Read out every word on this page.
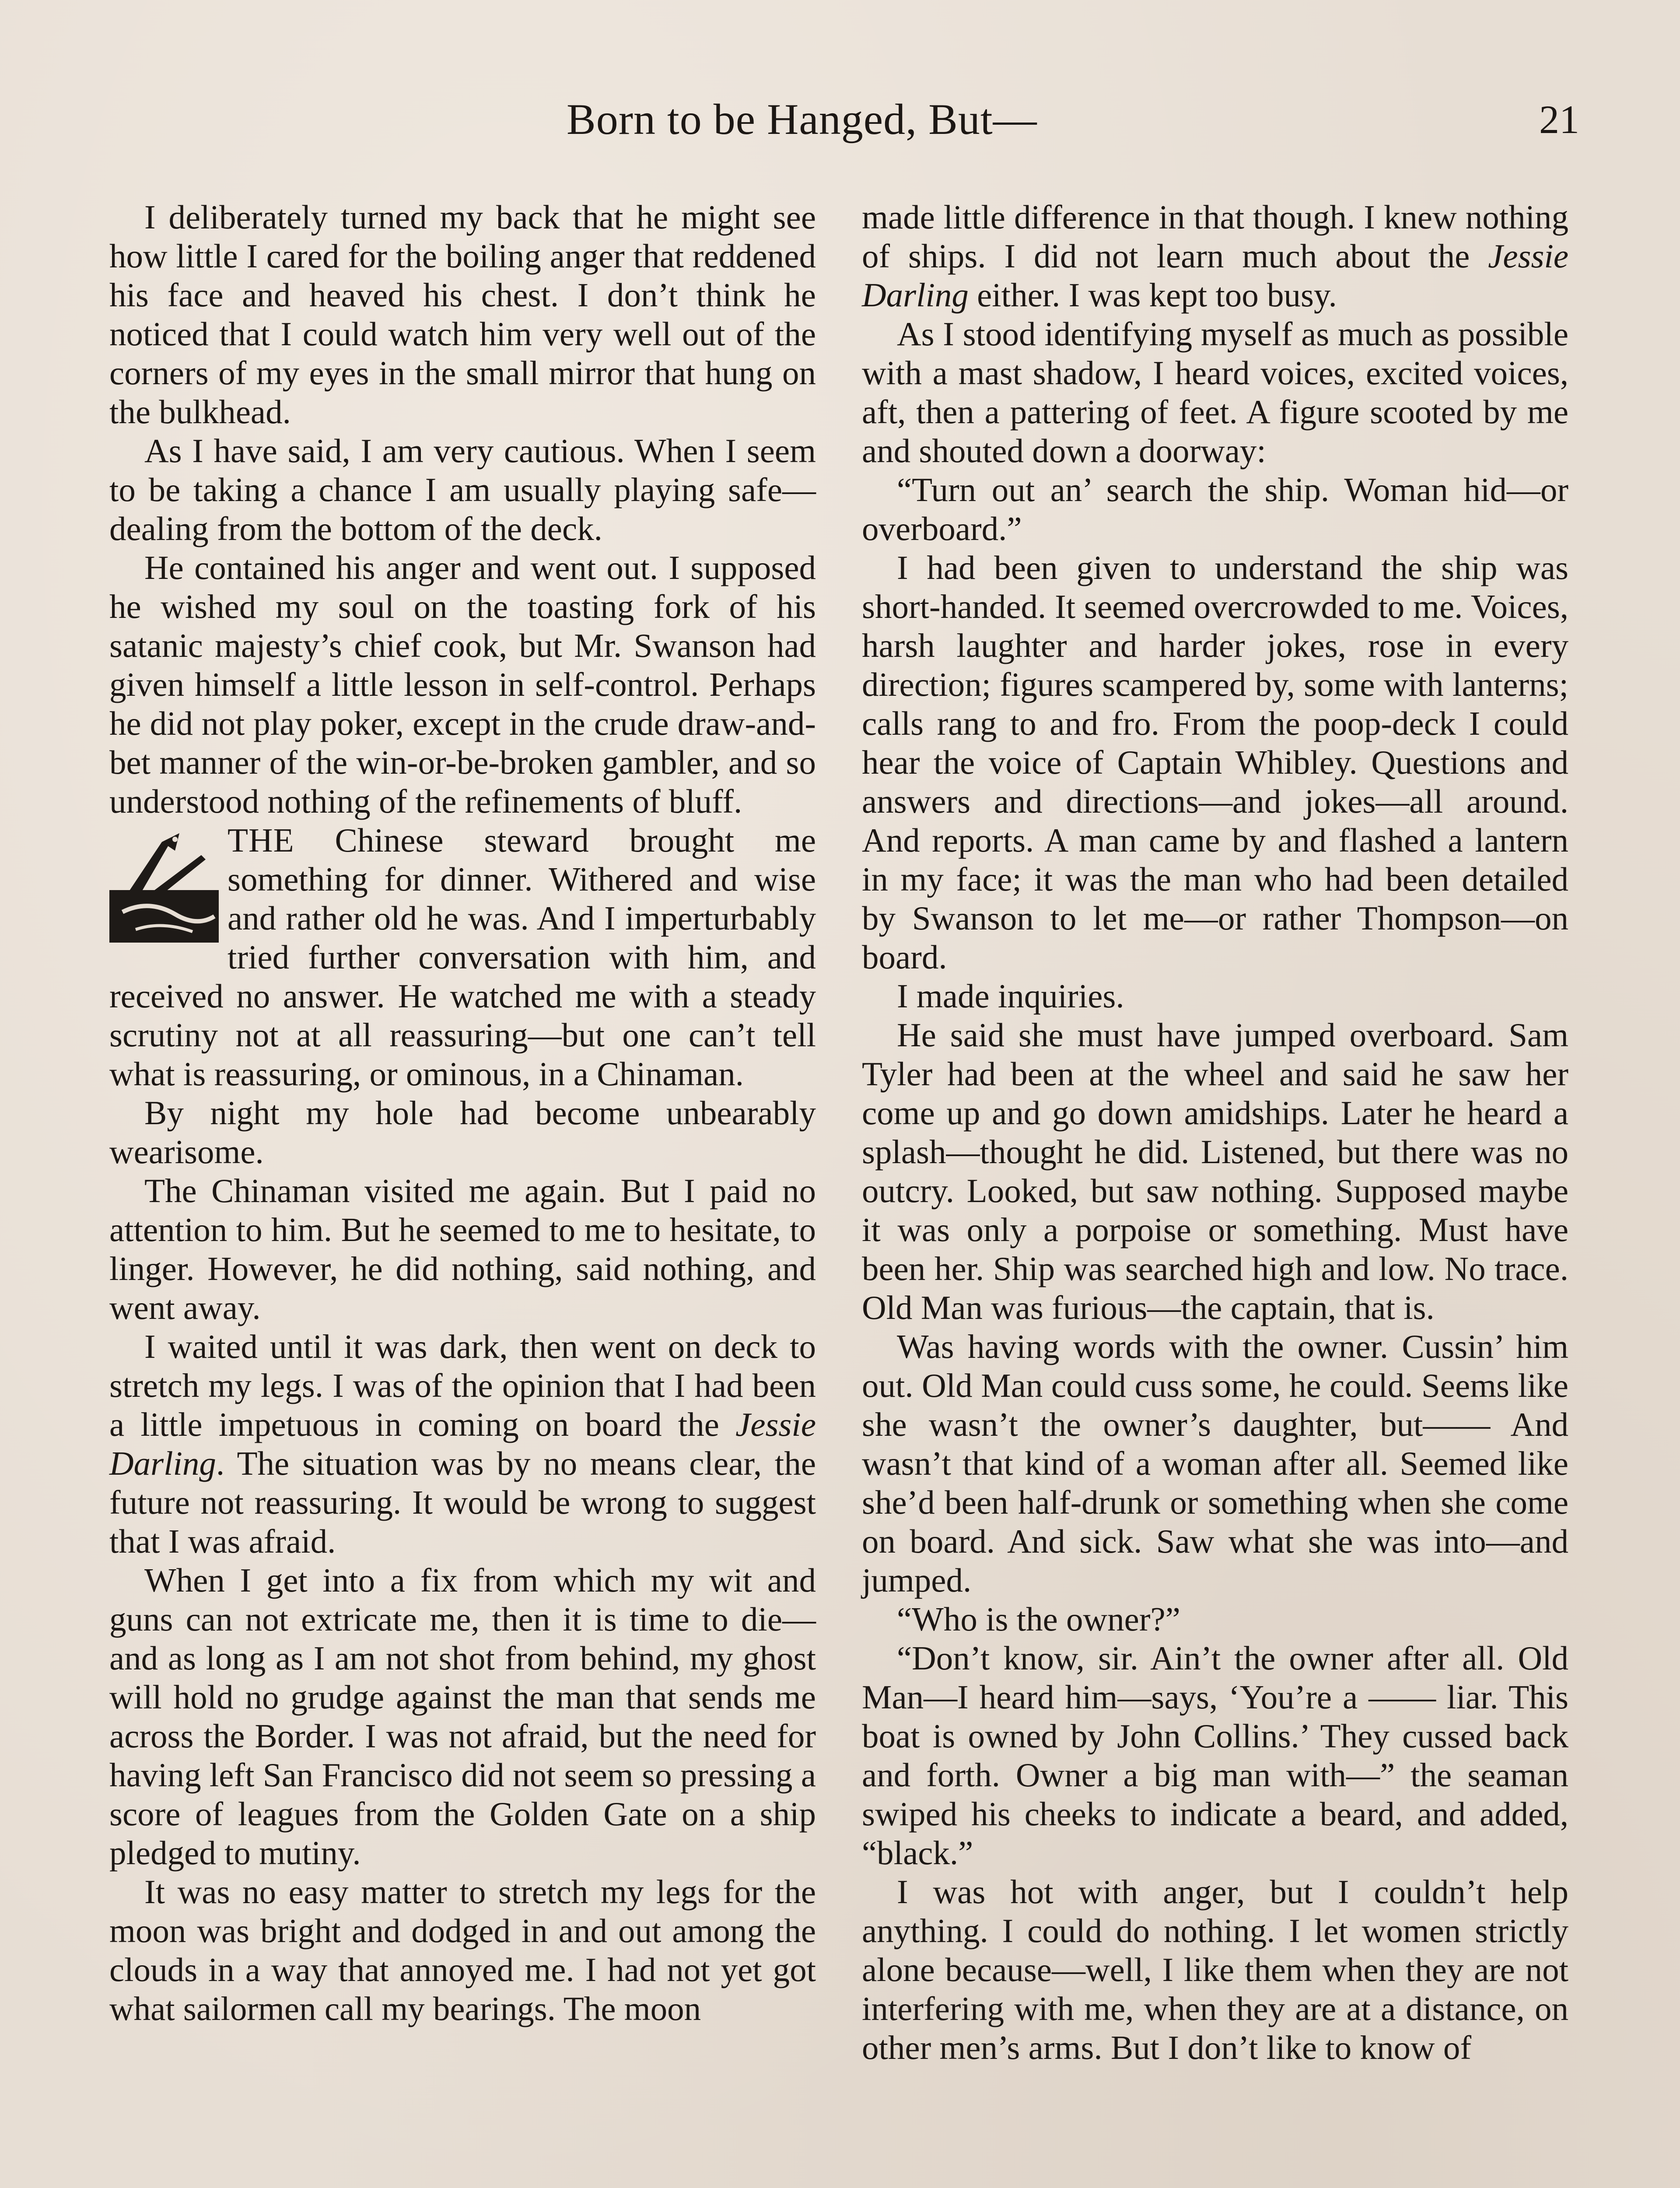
Born to be Hanged, But—	21

I deliberately turned my back that he might see how little I cared for the boiling anger that reddened his face and heaved his chest. I don’t think he noticed that I could watch him very well out of the corners of my eyes in the small mirror that hung on the bulkhead.

As I have said, I am very cautious. When I seem to be taking a chance I am usually playing safe—dealing from the bottom of the deck.

He contained his anger and went out. I supposed he wished my soul on the toasting fork of his satanic majesty’s chief cook, but Mr. Swanson had given himself a little lesson in self-control. Perhaps he did not play poker, except in the crude draw-and-bet manner of the win-or-be-broken gambler, and so understood nothing of the refinements of bluff.

THE Chinese steward brought me something for dinner. Withered and wise and rather old he was. And I imperturbably tried further conversation with him, and received no answer. He watched me with a steady scrutiny not at all reassuring—but one can’t tell what is reassuring, or ominous, in a Chinaman.

By night my hole had become unbearably wearisome.

The Chinaman visited me again. But I paid no attention to him. But he seemed to me to hesitate, to linger. However, he did nothing, said nothing, and went away.

I waited until it was dark, then went on deck to stretch my legs. I was of the opinion that I had been a little impetuous in coming on board the Jessie Darling. The situation was by no means clear, the future not reassuring. It would be wrong to suggest that I was afraid.

When I get into a fix from which my wit and guns can not extricate me, then it is time to die—and as long as I am not shot from behind, my ghost will hold no grudge against the man that sends me across the Border. I was not afraid, but the need for having left San Francisco did not seem so pressing a score of leagues from the Golden Gate on a ship pledged to mutiny.

It was no easy matter to stretch my legs for the moon was bright and dodged in and out among the clouds in a way that annoyed me. I had not yet got what sailormen call my bearings. The moon

made little difference in that though. I knew nothing of ships. I did not learn much about the Jessie Darling either. I was kept too busy.

As I stood identifying myself as much as possible with a mast shadow, I heard voices, excited voices, aft, then a pattering of feet. A figure scooted by me and shouted down a doorway:

“Turn out an’ search the ship. Woman hid—or overboard.”

I had been given to understand the ship was short-handed. It seemed overcrowded to me. Voices, harsh laughter and harder jokes, rose in every direction; figures scampered by, some with lanterns; calls rang to and fro. From the poop-deck I could hear the voice of Captain Whibley. Questions and answers and directions—and jokes—all around. And reports. A man came by and flashed a lantern in my face; it was the man who had been detailed by Swanson to let me—or rather Thompson—on board.

I made inquiries.

He said she must have jumped overboard. Sam Tyler had been at the wheel and said he saw her come up and go down amidships. Later he heard a splash—thought he did. Listened, but there was no outcry. Looked, but saw nothing. Supposed maybe it was only a porpoise or something. Must have been her. Ship was searched high and low. No trace. Old Man was furious—the captain, that is.

Was having words with the owner. Cussin’ him out. Old Man could cuss some, he could. Seems like she wasn’t the owner’s daughter, but—— And wasn’t that kind of a woman after all. Seemed like she’d been half-drunk or something when she come on board. And sick. Saw what she was into—and jumped.

“Who is the owner?”

“Don’t know, sir. Ain’t the owner after all. Old Man—I heard him—says, ‘You’re a —— liar. This boat is owned by John Collins.’ They cussed back and forth. Owner a big man with—” the seaman swiped his cheeks to indicate a beard, and added, “black.”

I was hot with anger, but I couldn’t help anything. I could do nothing. I let women strictly alone because—well, I like them when they are not interfering with me, when they are at a distance, on other men’s arms. But I don’t like to know of
